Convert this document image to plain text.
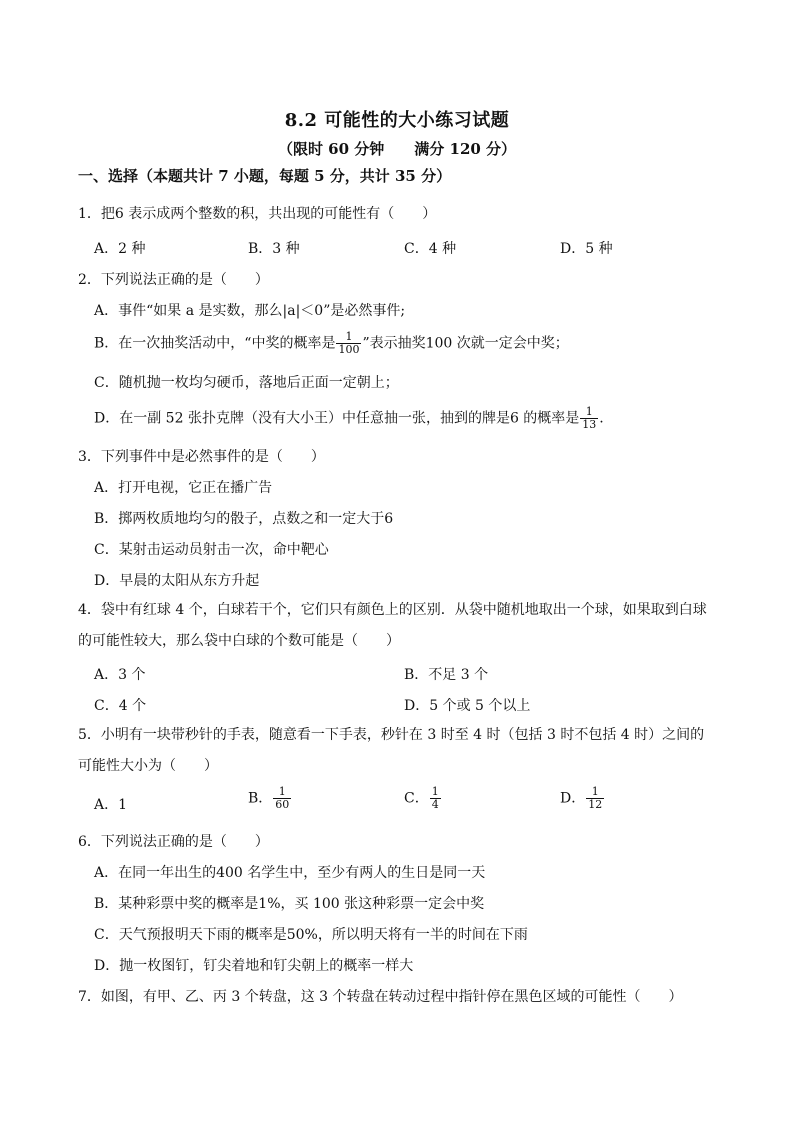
8.2 可能性的大小练习试题
（限时 60 分钟 满分 120 分）
一、选择（本题共计 7 小题，每题 5 分，共计 35 分）
1．把6 表示成两个整数的积，共出现的可能性有（　　）
A．2 种	B．3 种	C．4 种	D．5 种
2．下列说法正确的是（　　）
A．事件“如果 a 是实数，那么|a|＜0”是必然事件;
B．在一次抽奖活动中，“中奖的概率是 $\frac{1}{100}$ ”表示抽奖100 次就一定会中奖；
C．随机抛一枚均匀硬币，落地后正面一定朝上；
D．在一副 52 张扑克牌（没有大小王）中任意抽一张，抽到的牌是6 的概率是 $\frac{1}{13}$ .
3．下列事件中是必然事件的是（　　）
A．打开电视，它正在播广告
B．掷两枚质地均匀的骰子，点数之和一定大于6
C．某射击运动员射击一次，命中靶心
D．早晨的太阳从东方升起
4．袋中有红球 4 个，白球若干个，它们只有颜色上的区别．从袋中随机地取出一个球，如果取到白球的可能性较大，那么袋中白球的个数可能是（　　）
A．3 个	B．不足 3 个
C．4 个	D．5 个或 5 个以上
5．小明有一块带秒针的手表，随意看一下手表，秒针在 3 时至 4 时（包括 3 时不包括 4 时）之间的可能性大小为（　　）
A．1	B． $\frac{1}{60}$	C． $\frac{1}{4}$	D． $\frac{1}{12}$
6．下列说法正确的是（　　）
A．在同一年出生的400 名学生中，至少有两人的生日是同一天
B．某种彩票中奖的概率是1%，买 100 张这种彩票一定会中奖
C．天气预报明天下雨的概率是50%，所以明天将有一半的时间在下雨
D．抛一枚图钉，钉尖着地和钉尖朝上的概率一样大
7．如图，有甲、乙、丙 3 个转盘，这 3 个转盘在转动过程中指针停在黑色区域的可能性（　　）
